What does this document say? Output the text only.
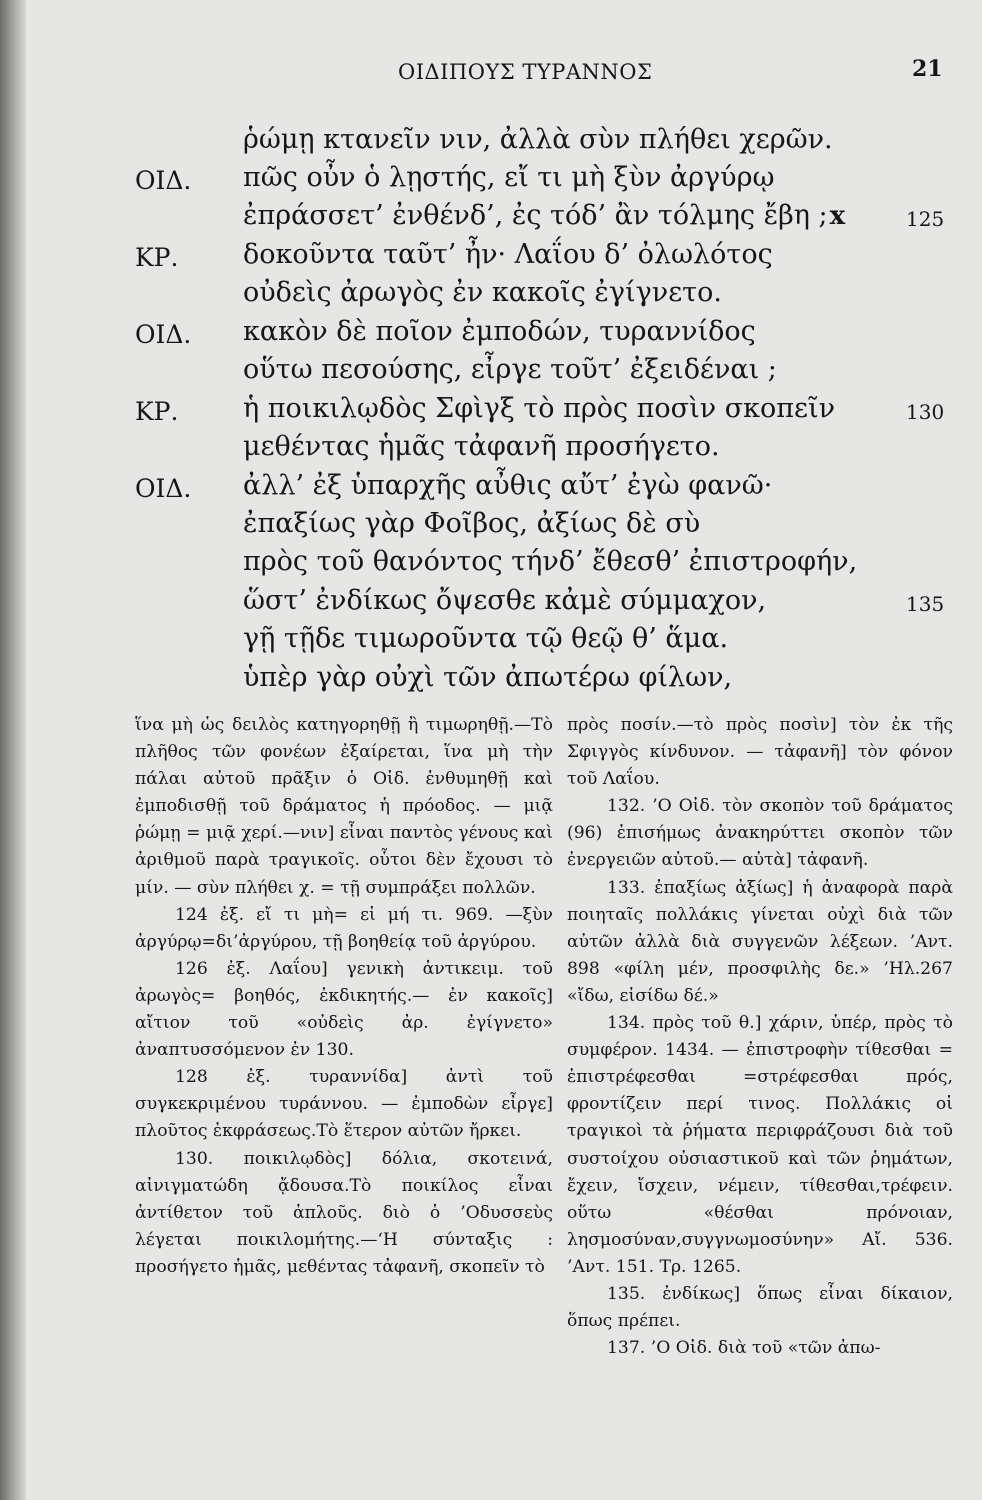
ΟΙΔΙΠΟΥΣ ΤΥΡΑΝΝΟΣ	21
ῥώμῃ κτανεῖν νιν, ἀλλὰ σὺν πλήθει χερῶν.
ΟΙΔ. πῶς οὖν ὁ λῃστής, εἴ τι μὴ ξὺν ἀργύρῳ
ἐπράσσετ’ ἐνθένδ’, ἐς τόδ’ ἂν τόλμης ἔβη ;x	125
ΚΡ. δοκοῦντα ταῦτ’ ἦν· Λαΐου δ’ ὀλωλότος
οὐδεὶς ἀρωγὸς ἐν κακοῖς ἐγίγνετο.
ΟΙΔ. κακὸν δὲ ποῖον ἐμποδών, τυραννίδος
οὕτω πεσούσης, εἶργε τοῦτ’ ἐξειδέναι ;
ΚΡ. ἡ ποικιλῳδὸς Σφὶγξ τὸ πρὸς ποσὶν σκοπεῖν	130
μεθέντας ἡμᾶς τἀφανῆ προσήγετο.
ΟΙΔ. ἀλλ’ ἐξ ὑπαρχῆς αὖθις αὔτ’ ἐγὼ φανῶ·
ἐπαξίως γὰρ Φοῖβος, ἀξίως δὲ σὺ
πρὸς τοῦ θανόντος τήνδ’ ἔθεσθ’ ἐπιστροφήν,
ὥστ’ ἐνδίκως ὄψεσθε κἀμὲ σύμμαχον,	135
γῇ τῇδε τιμωροῦντα τῷ θεῷ θ’ ἅμα.
ὑπὲρ γὰρ οὐχὶ τῶν ἀπωτέρω φίλων,

ἵνα μὴ ὡς δειλὸς κατηγορηθῇ ἢ τιμωρηθῇ.—Τὸ πλῆθος τῶν φονέων ἐξαίρεται, ἵνα μὴ τὴν πάλαι αὐτοῦ πρᾶξιν ὁ Οἰδ. ἐνθυμηθῇ καὶ ἐμποδισθῇ τοῦ δράματος ἡ πρόοδος. — μιᾷ ῥώμῃ = μιᾷ χερί.—νιν] εἶναι παντὸς γένους καὶ ἀριθμοῦ παρὰ τραγικοῖς. οὗτοι δὲν ἔχουσι τὸ μίν. — σὺν πλήθει χ. = τῇ συμπράξει πολλῶν.

124 ἐξ. εἴ τι μὴ= εἰ μή τι. 969. —ξὺν ἀργύρῳ=δι’ἀργύρου, τῇ βοηθείᾳ τοῦ ἀργύρου.

126 ἐξ. Λαΐου] γενικὴ ἀντικειμ. τοῦ ἀρωγὸς= βοηθός, ἐκδικητής.— ἐν κακοῖς] αἴτιον τοῦ «οὐδεὶς ἀρ. ἐγίγνετο» ἀναπτυσσόμενον ἐν 130.

128 ἐξ. τυραννίδα] ἀντὶ τοῦ συγκεκριμένου τυράννου. — ἐμποδὼν εἶργε] πλοῦτος ἐκφράσεως.Τὸ ἕτερον αὐτῶν ἤρκει.

130. ποικιλῳδὸς] δόλια, σκοτεινά, αἰνιγματώδη ᾄδουσα.Τὸ ποικίλος εἶναι ἀντίθετον τοῦ ἁπλοῦς. διὸ ὁ ’Οδυσσεὺς λέγεται ποικιλομήτης.—‘Η σύνταξις : προσήγετο ἡμᾶς, μεθέντας τἀφανῆ, σκοπεῖν τὸ

πρὸς ποσίν.—τὸ πρὸς ποσὶν] τὸν ἐκ τῆς Σφιγγὸς κίνδυνον. — τἀφανῆ] τὸν φόνον τοῦ Λαΐου.

132. ’Ο Οἰδ. τὸν σκοπὸν τοῦ δράματος (96) ἐπισήμως ἀνακηρύττει σκοπὸν τῶν ἐνεργειῶν αὐτοῦ.— αὐτὰ] τἀφανῆ.

133. ἐπαξίως ἀξίως] ἡ ἀναφορὰ παρὰ ποιηταῖς πολλάκις γίνεται οὐχὶ διὰ τῶν αὐτῶν ἀλλὰ διὰ συγγενῶν λέξεων. ’Αντ. 898 «φίλη μέν, προσφιλὴς δε.» ’Ηλ.267 «ἴδω, εἰσίδω δέ.»

134. πρὸς τοῦ θ.] χάριν, ὑπέρ, πρὸς τὸ συμφέρον. 1434. — ἐπιστροφὴν τίθεσθαι = ἐπιστρέφεσθαι =στρέφεσθαι πρός, φροντίζειν περί τινος. Πολλάκις οἱ τραγικοὶ τὰ ῥήματα περιφράζουσι διὰ τοῦ συστοίχου οὐσιαστικοῦ καὶ τῶν ῥημάτων, ἔχειν, ἴσχειν, νέμειν, τίθεσθαι,τρέφειν. οὕτω «θέσθαι πρόνοιαν, λησμοσύναν,συγγνωμοσύνην» Αἴ. 536. ’Αντ. 151. Τρ. 1265.

135. ἐνδίκως] ὅπως εἶναι δίκαιον, ὅπως πρέπει.

137. ’Ο Οἰδ. διὰ τοῦ «τῶν ἀπω-
